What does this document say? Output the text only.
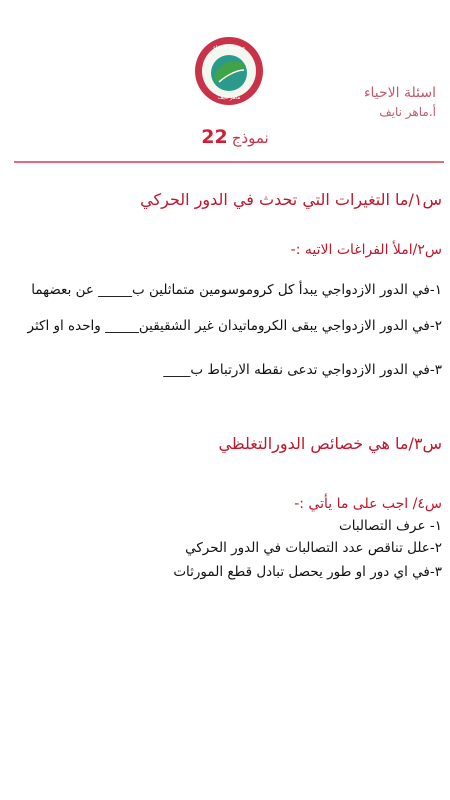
مدرسة الاحياء
ماهر نايف	اسئلة الاحياء
أ.ماهر نايف
نموذج22
س١/ما التغيرات التي تحدث في الدور الحركي
س٢/املأ الفراغات الاتيه :-
١-في الدور الازدواجي يبدأ كل كروموسومين متماثلين ب_____ عن بعضهما
٢-في الدور الازدواجي يبقى الكروماتيدان غير الشقيقين_____ واحده او اكثر
٣-في الدور الازدواجي تدعى نقطه الارتباط ب____
س٣/ما هي خصائص الدورالتغلظي
س٤/ اجب على ما يأتي :-
١- عرف التصالبات
٢-علل تناقص عدد التصالبات في الدور الحركي
٣-في اي دور او طور يحصل تبادل قطع المورثات
